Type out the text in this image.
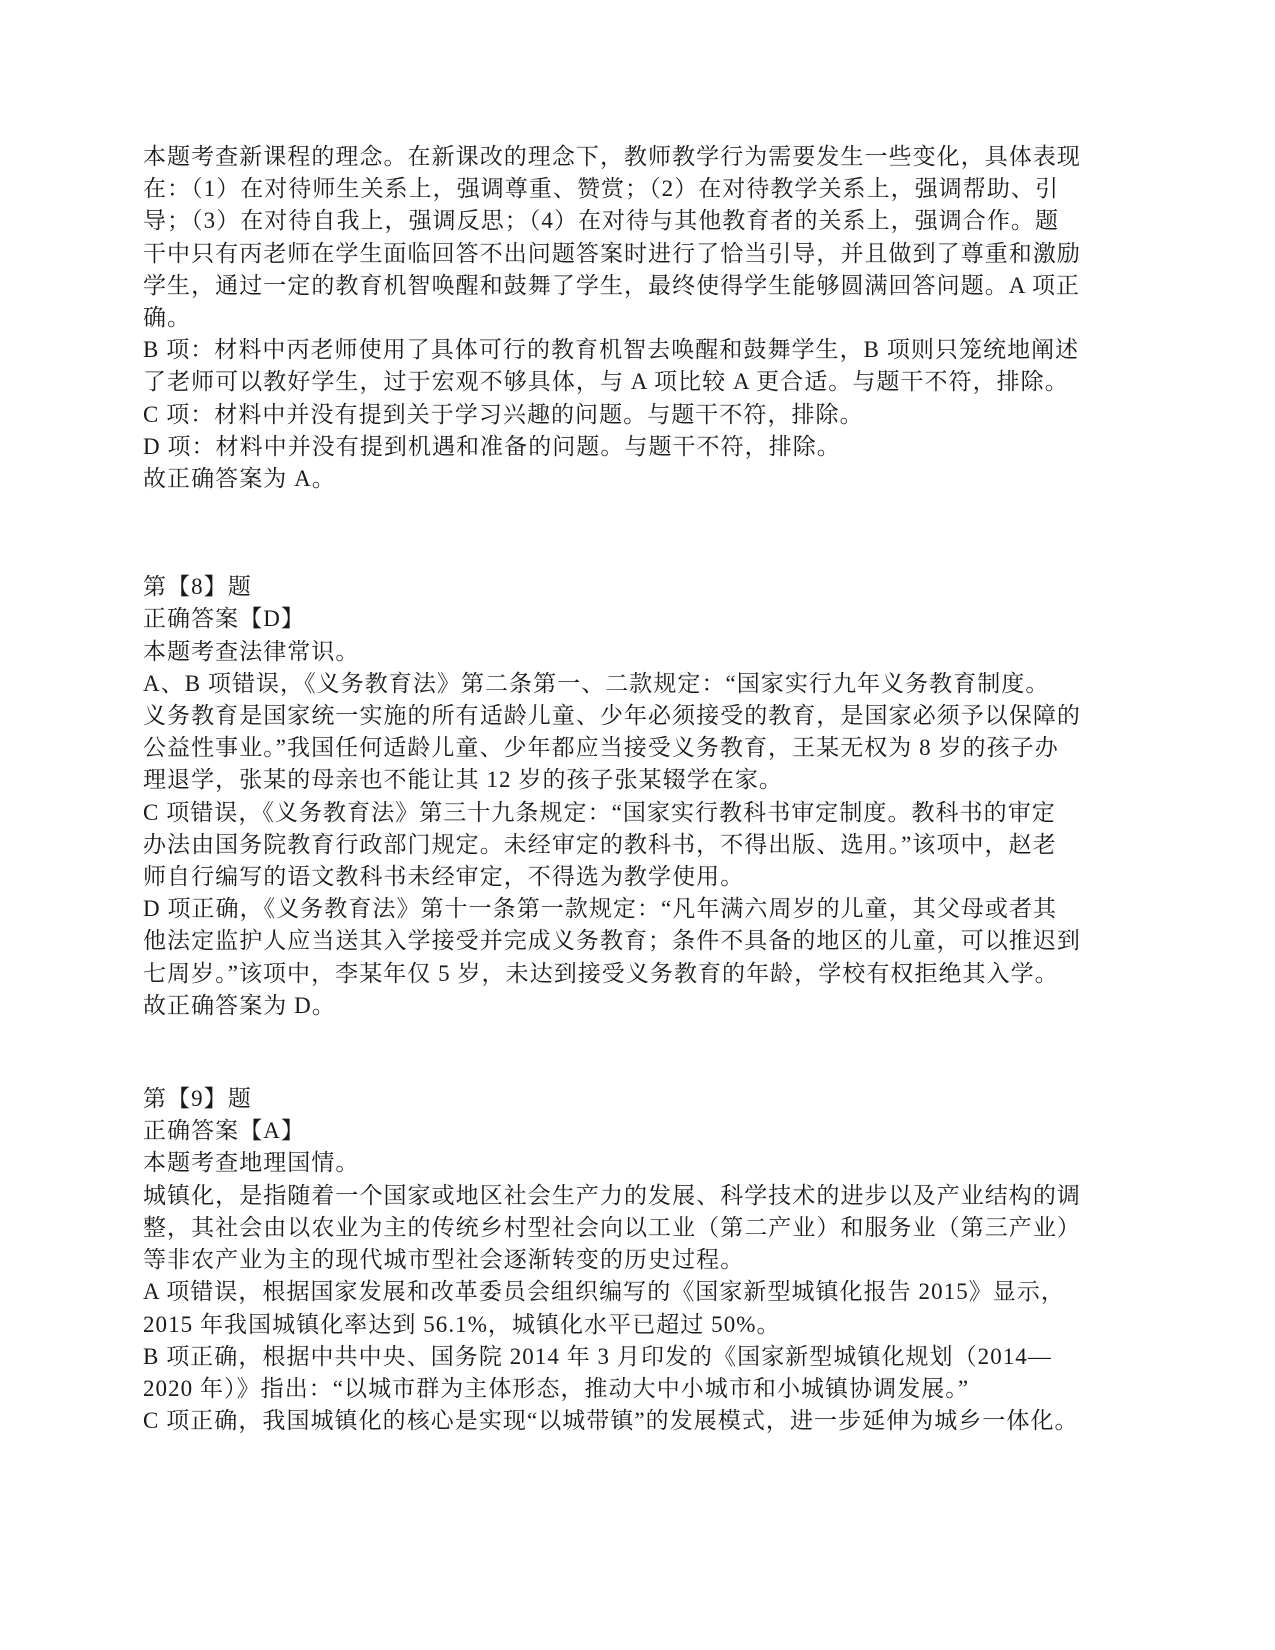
本题考查新课程的理念。在新课改的理念下，教师教学行为需要发生一些变化，具体表现
在：（1）在对待师生关系上，强调尊重、赞赏；（2）在对待教学关系上，强调帮助、引
导；（3）在对待自我上，强调反思；（4）在对待与其他教育者的关系上，强调合作。题
干中只有丙老师在学生面临回答不出问题答案时进行了恰当引导，并且做到了尊重和激励
学生，通过一定的教育机智唤醒和鼓舞了学生，最终使得学生能够圆满回答问题。A 项正
确。
B 项：材料中丙老师使用了具体可行的教育机智去唤醒和鼓舞学生，B 项则只笼统地阐述
了老师可以教好学生，过于宏观不够具体，与 A 项比较 A 更合适。与题干不符，排除。
C 项：材料中并没有提到关于学习兴趣的问题。与题干不符，排除。
D 项：材料中并没有提到机遇和准备的问题。与题干不符，排除。
故正确答案为 A。
第【8】题
正确答案【D】
本题考查法律常识。
A、B 项错误，《义务教育法》第二条第一、二款规定：“国家实行九年义务教育制度。
义务教育是国家统一实施的所有适龄儿童、少年必须接受的教育，是国家必须予以保障的
公益性事业。”我国任何适龄儿童、少年都应当接受义务教育，王某无权为 8 岁的孩子办
理退学，张某的母亲也不能让其 12 岁的孩子张某辍学在家。
C 项错误，《义务教育法》第三十九条规定：“国家实行教科书审定制度。教科书的审定
办法由国务院教育行政部门规定。未经审定的教科书，不得出版、选用。”该项中，赵老
师自行编写的语文教科书未经审定，不得选为教学使用。
D 项正确，《义务教育法》第十一条第一款规定：“凡年满六周岁的儿童，其父母或者其
他法定监护人应当送其入学接受并完成义务教育；条件不具备的地区的儿童，可以推迟到
七周岁。”该项中，李某年仅 5 岁，未达到接受义务教育的年龄，学校有权拒绝其入学。
故正确答案为 D。
第【9】题
正确答案【A】
本题考查地理国情。
城镇化，是指随着一个国家或地区社会生产力的发展、科学技术的进步以及产业结构的调
整，其社会由以农业为主的传统乡村型社会向以工业（第二产业）和服务业（第三产业）
等非农产业为主的现代城市型社会逐渐转变的历史过程。
A 项错误，根据国家发展和改革委员会组织编写的《国家新型城镇化报告 2015》显示，
2015 年我国城镇化率达到 56.1%，城镇化水平已超过 50%。
B 项正确，根据中共中央、国务院 2014 年 3 月印发的《国家新型城镇化规划（2014—
2020 年）》指出：“以城市群为主体形态，推动大中小城市和小城镇协调发展。”
C 项正确，我国城镇化的核心是实现“以城带镇”的发展模式，进一步延伸为城乡一体化。
